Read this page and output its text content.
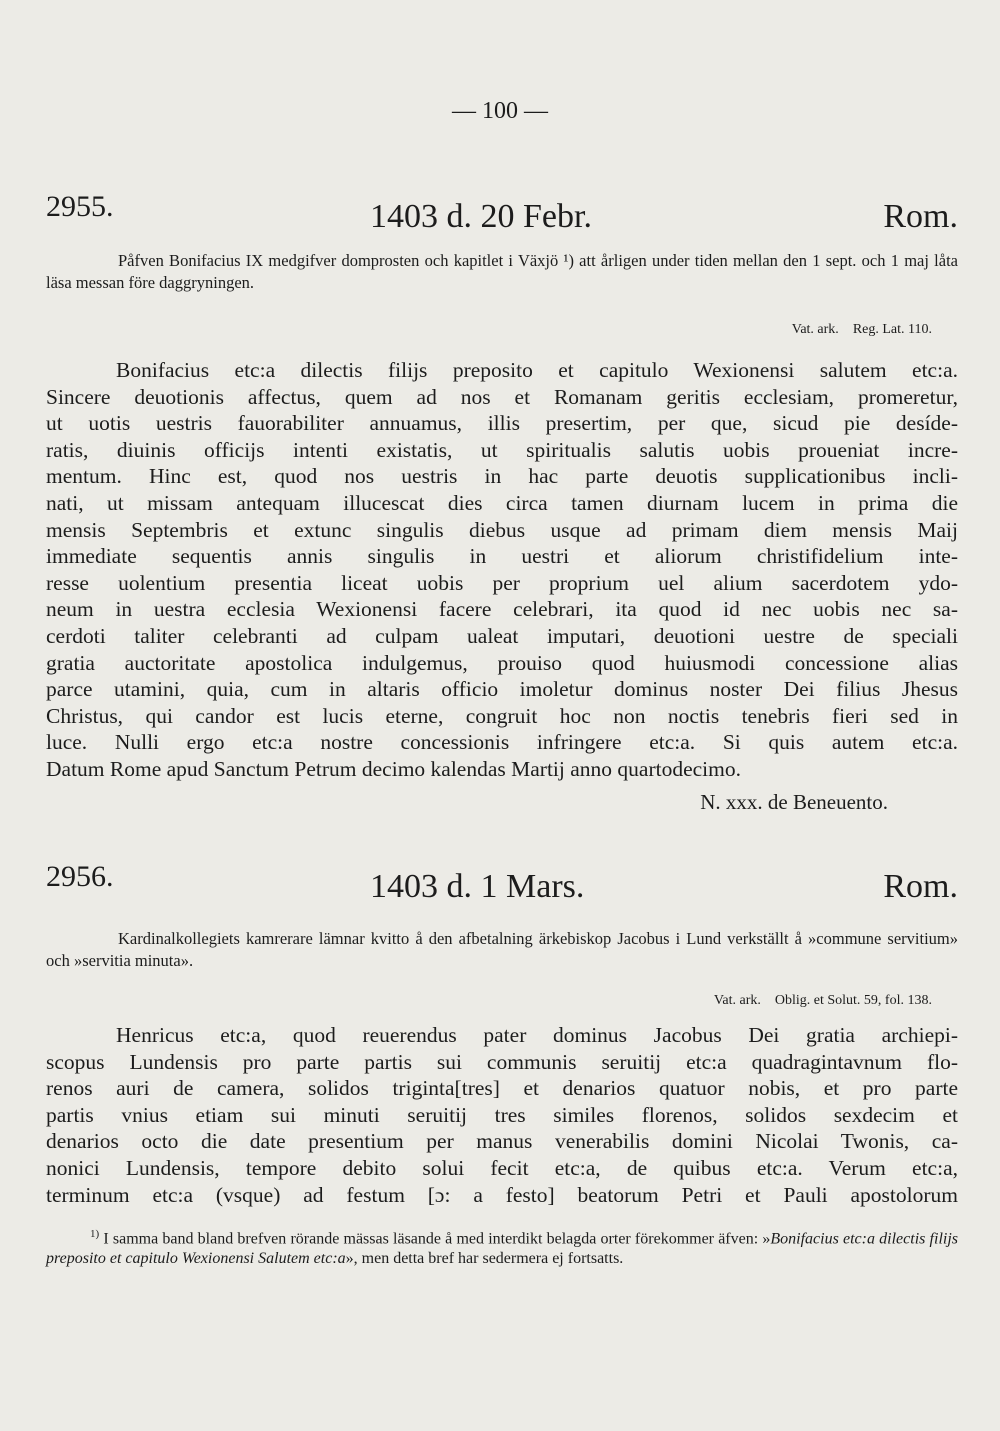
— 100 —
2955.	1403 d. 20 Febr.	Rom.
Påfven Bonifacius IX medgifver domprosten och kapitlet i Växjö ¹) att årligen under tiden mellan den 1 sept. och 1 maj låta läsa messan före daggryningen.
Vat. ark. Reg. Lat. 110.
Bonifacius etc:a dilectis filijs preposito et capitulo Wexionensi salutem etc:a.
Sincere deuotionis affectus, quem ad nos et Romanam geritis ecclesiam, promeretur,
ut uotis uestris fauorabiliter annuamus, illis presertim, per que, sicud pie desíde-
ratis, diuinis officijs intenti existatis, ut spiritualis salutis uobis proueniat incre-
mentum. Hinc est, quod nos uestris in hac parte deuotis supplicationibus incli-
nati, ut missam antequam illucescat dies circa tamen diurnam lucem in prima die
mensis Septembris et extunc singulis diebus usque ad primam diem mensis Maij
immediate sequentis annis singulis in uestri et aliorum christifidelium inte-
resse uolentium presentia liceat uobis per proprium uel alium sacerdotem ydo-
neum in uestra ecclesia Wexionensi facere celebrari, ita quod id nec uobis nec sa-
cerdoti taliter celebranti ad culpam ualeat imputari, deuotioni uestre de speciali
gratia auctoritate apostolica indulgemus, prouiso quod huiusmodi concessione alias
parce utamini, quia, cum in altaris officio imoletur dominus noster Dei filius Jhesus
Christus, qui candor est lucis eterne, congruit hoc non noctis tenebris fieri sed in
luce. Nulli ergo etc:a nostre concessionis infringere etc:a. Si quis autem etc:a.
Datum Rome apud Sanctum Petrum decimo kalendas Martij anno quartodecimo.
N. xxx. de Beneuento.
2956.	1403 d. 1 Mars.	Rom.
Kardinalkollegiets kamrerare lämnar kvitto å den afbetalning ärkebiskop Jacobus i Lund verkställt å »commune servitium» och »servitia minuta».
Vat. ark. Oblig. et Solut. 59, fol. 138.
Henricus etc:a, quod reuerendus pater dominus Jacobus Dei gratia archiepi-
scopus Lundensis pro parte partis sui communis seruitij etc:a quadragintavnum flo-
renos auri de camera, solidos triginta[tres] et denarios quatuor nobis, et pro parte
partis vnius etiam sui minuti seruitij tres similes florenos, solidos sexdecim et
denarios octo die date presentium per manus venerabilis domini Nicolai Twonis, ca-
nonici Lundensis, tempore debito solui fecit etc:a, de quibus etc:a. Verum etc:a,
terminum etc:a (vsque) ad festum [ɔ: a festo] beatorum Petri et Pauli apostolorum
$^{1)}$ I samma band bland brefven rörande mässas läsande å med interdikt belagda orter förekommer äfven: »Bonifacius etc:a dilectis filijs preposito et capitulo Wexionensi Salutem etc:a», men detta bref har sedermera ej fortsatts.
